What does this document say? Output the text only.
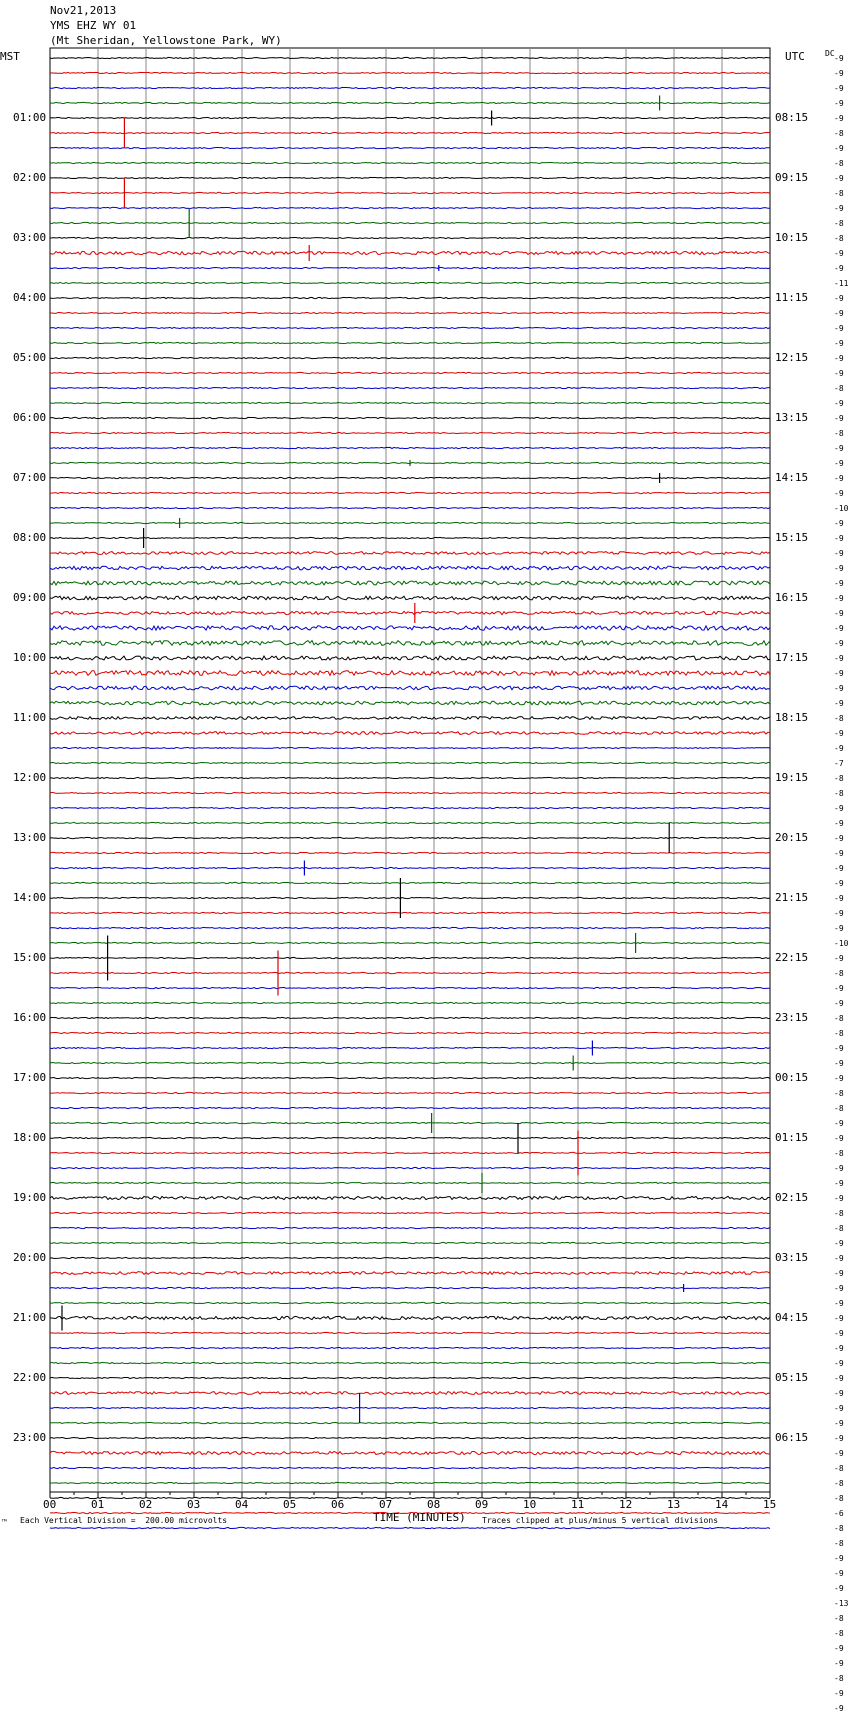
Nov21,2013
YMS EHZ WY 01
(Mt Sheridan, Yellowstone Park, WY)
MST	UTC	DC
01:00
02:00
03:00
04:00
05:00
06:00
07:00
08:00
09:00
10:00
11:00
12:00
13:00
14:00
15:00
16:00
17:00
18:00
19:00
20:00
21:00
22:00
23:00
08:15
09:15
10:15
11:15
12:15
13:15
14:15
15:15
16:15
17:15
18:15
19:15
20:15
21:15
22:15
23:15
00:15
01:15
02:15
03:15
04:15
05:15
06:15
-9
-9
-9
-9
-9
-8
-9
-8
-9
-8
-9
-8
-8
-9
-9
-11
-9
-9
-9
-9
-9
-9
-8
-9
-9
-8
-9
-9
-9
-9
-10
-9
-9
-9
-9
-9
-9
-9
-9
-9
-9
-9
-9
-9
-8
-9
-9
-7
-8
-8
-9
-9
-9
-9
-9
-9
-9
-9
-9
-10
-9
-8
-9
-9
-8
-8
-9
-9
-9
-8
-8
-9
-9
-8
-9
-9
-9
-8
-8
-9
-9
-9
-9
-9
-9
-9
-9
-9
-9
-9
-9
-9
-9
-9
-8
-8
-8
-6
-8
-8
-9
-9
-9
-13
-8
-8
-9
-9
-8
-9
-9
00	01	02	03	04	05	06	07	08	09	10	11	12	13	14	15
TIME (MINUTES)
Each Vertical Division =  200.00 microvolts	Traces clipped at plus/minus 5 vertical divisions
™
